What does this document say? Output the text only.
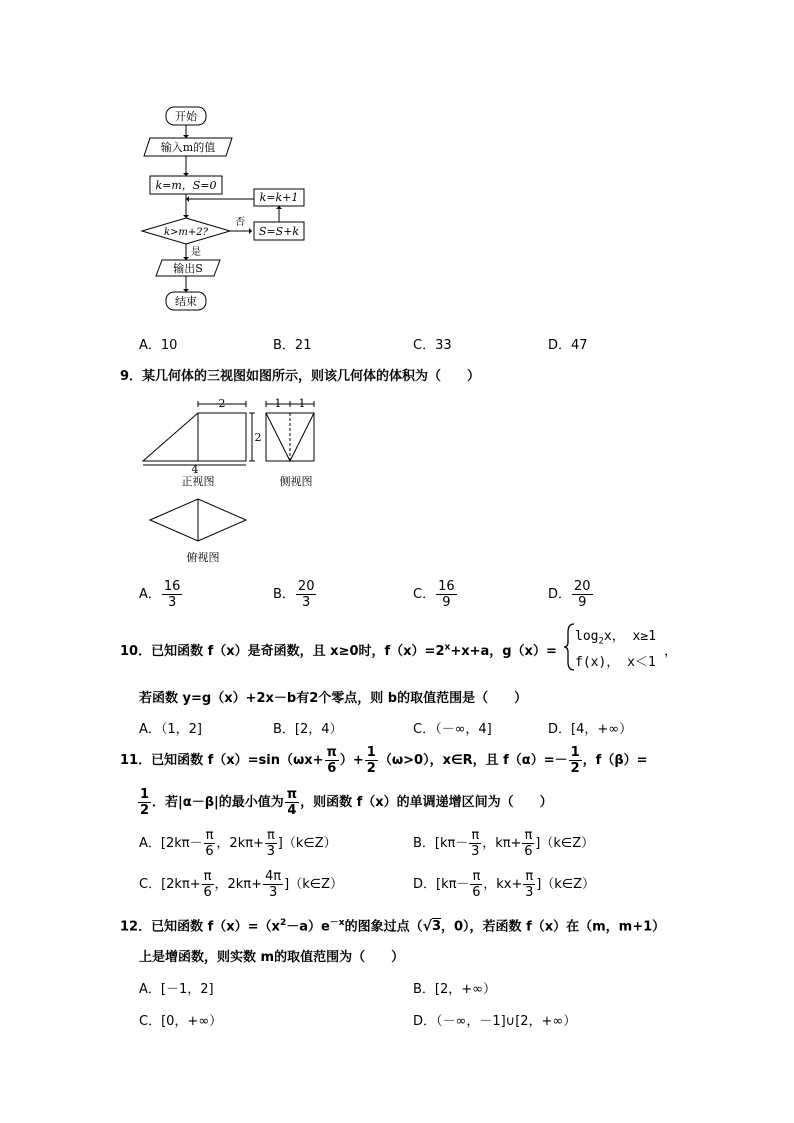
开始
输入m的值
k=m，S=0
k>m+2?	S=S+k
k=k+1
否
是
输出S
结束
A．10	B．21	C．33	D．47
9．某几何体的三视图如图所示，则该几何体的体积为（　　）
2
2
4
1 1
正视图	侧视图
俯视图
A． $\frac{16}{3}$	B． $\frac{20}{3}$	C． $\frac{16}{9}$	D． $\frac{20}{9}$
10．已知函数 f（x）是奇函数，且 x≥0时，$f(x)=2^x+x+a$，g（x）=
$\log_2x$， x≥1
f(x)， x＜1
，
若函数 y=g（x）+2x－b有2个零点，则 b的取值范围是（　　）
A．（1，2]	B．[2，4）	C．（－∞，4]	D．[4，+∞）
11．已知函数 $f(x)=\sin(\omega x+ \frac{\pi}{6}$ ）+ $\frac{1}{2} (\omega>0)$，x∈R，且 $f(\alpha)=- \frac{1}{2}$ ，f（β）=
$\frac{1}{2}$ ．若|α－β|的最小值为 $\frac{\pi}{4}$ ，则函数 f（x）的单调递增区间为（　　）
A．[$2k\pi- \frac{\pi}{6}$ ，$2k\pi+ \frac{\pi}{3}$ ]（k∈Z）	B．[$k\pi- \frac{\pi}{3}$ ，$k\pi+ \frac{\pi}{6}$ ]（k∈Z）
C．[$2k\pi+ \frac{\pi}{6}$ ，$2k\pi+ \frac{4\pi}{3}$ ]（k∈Z）	D．[$k\pi- \frac{\pi}{6}$ ，$kx+ \frac{\pi}{3}$ ]（k∈Z）
12．已知函数 $f(x)=(x^2-a)e^{-x}$的图象过点（√3，0），若函数 f（x）在（m，m+1）
上是增函数，则实数 m的取值范围为（　　）
A．[－1，2]	B．[2，+∞）
C．[0，+∞）	D．（－∞，－1]∪[2，+∞）
